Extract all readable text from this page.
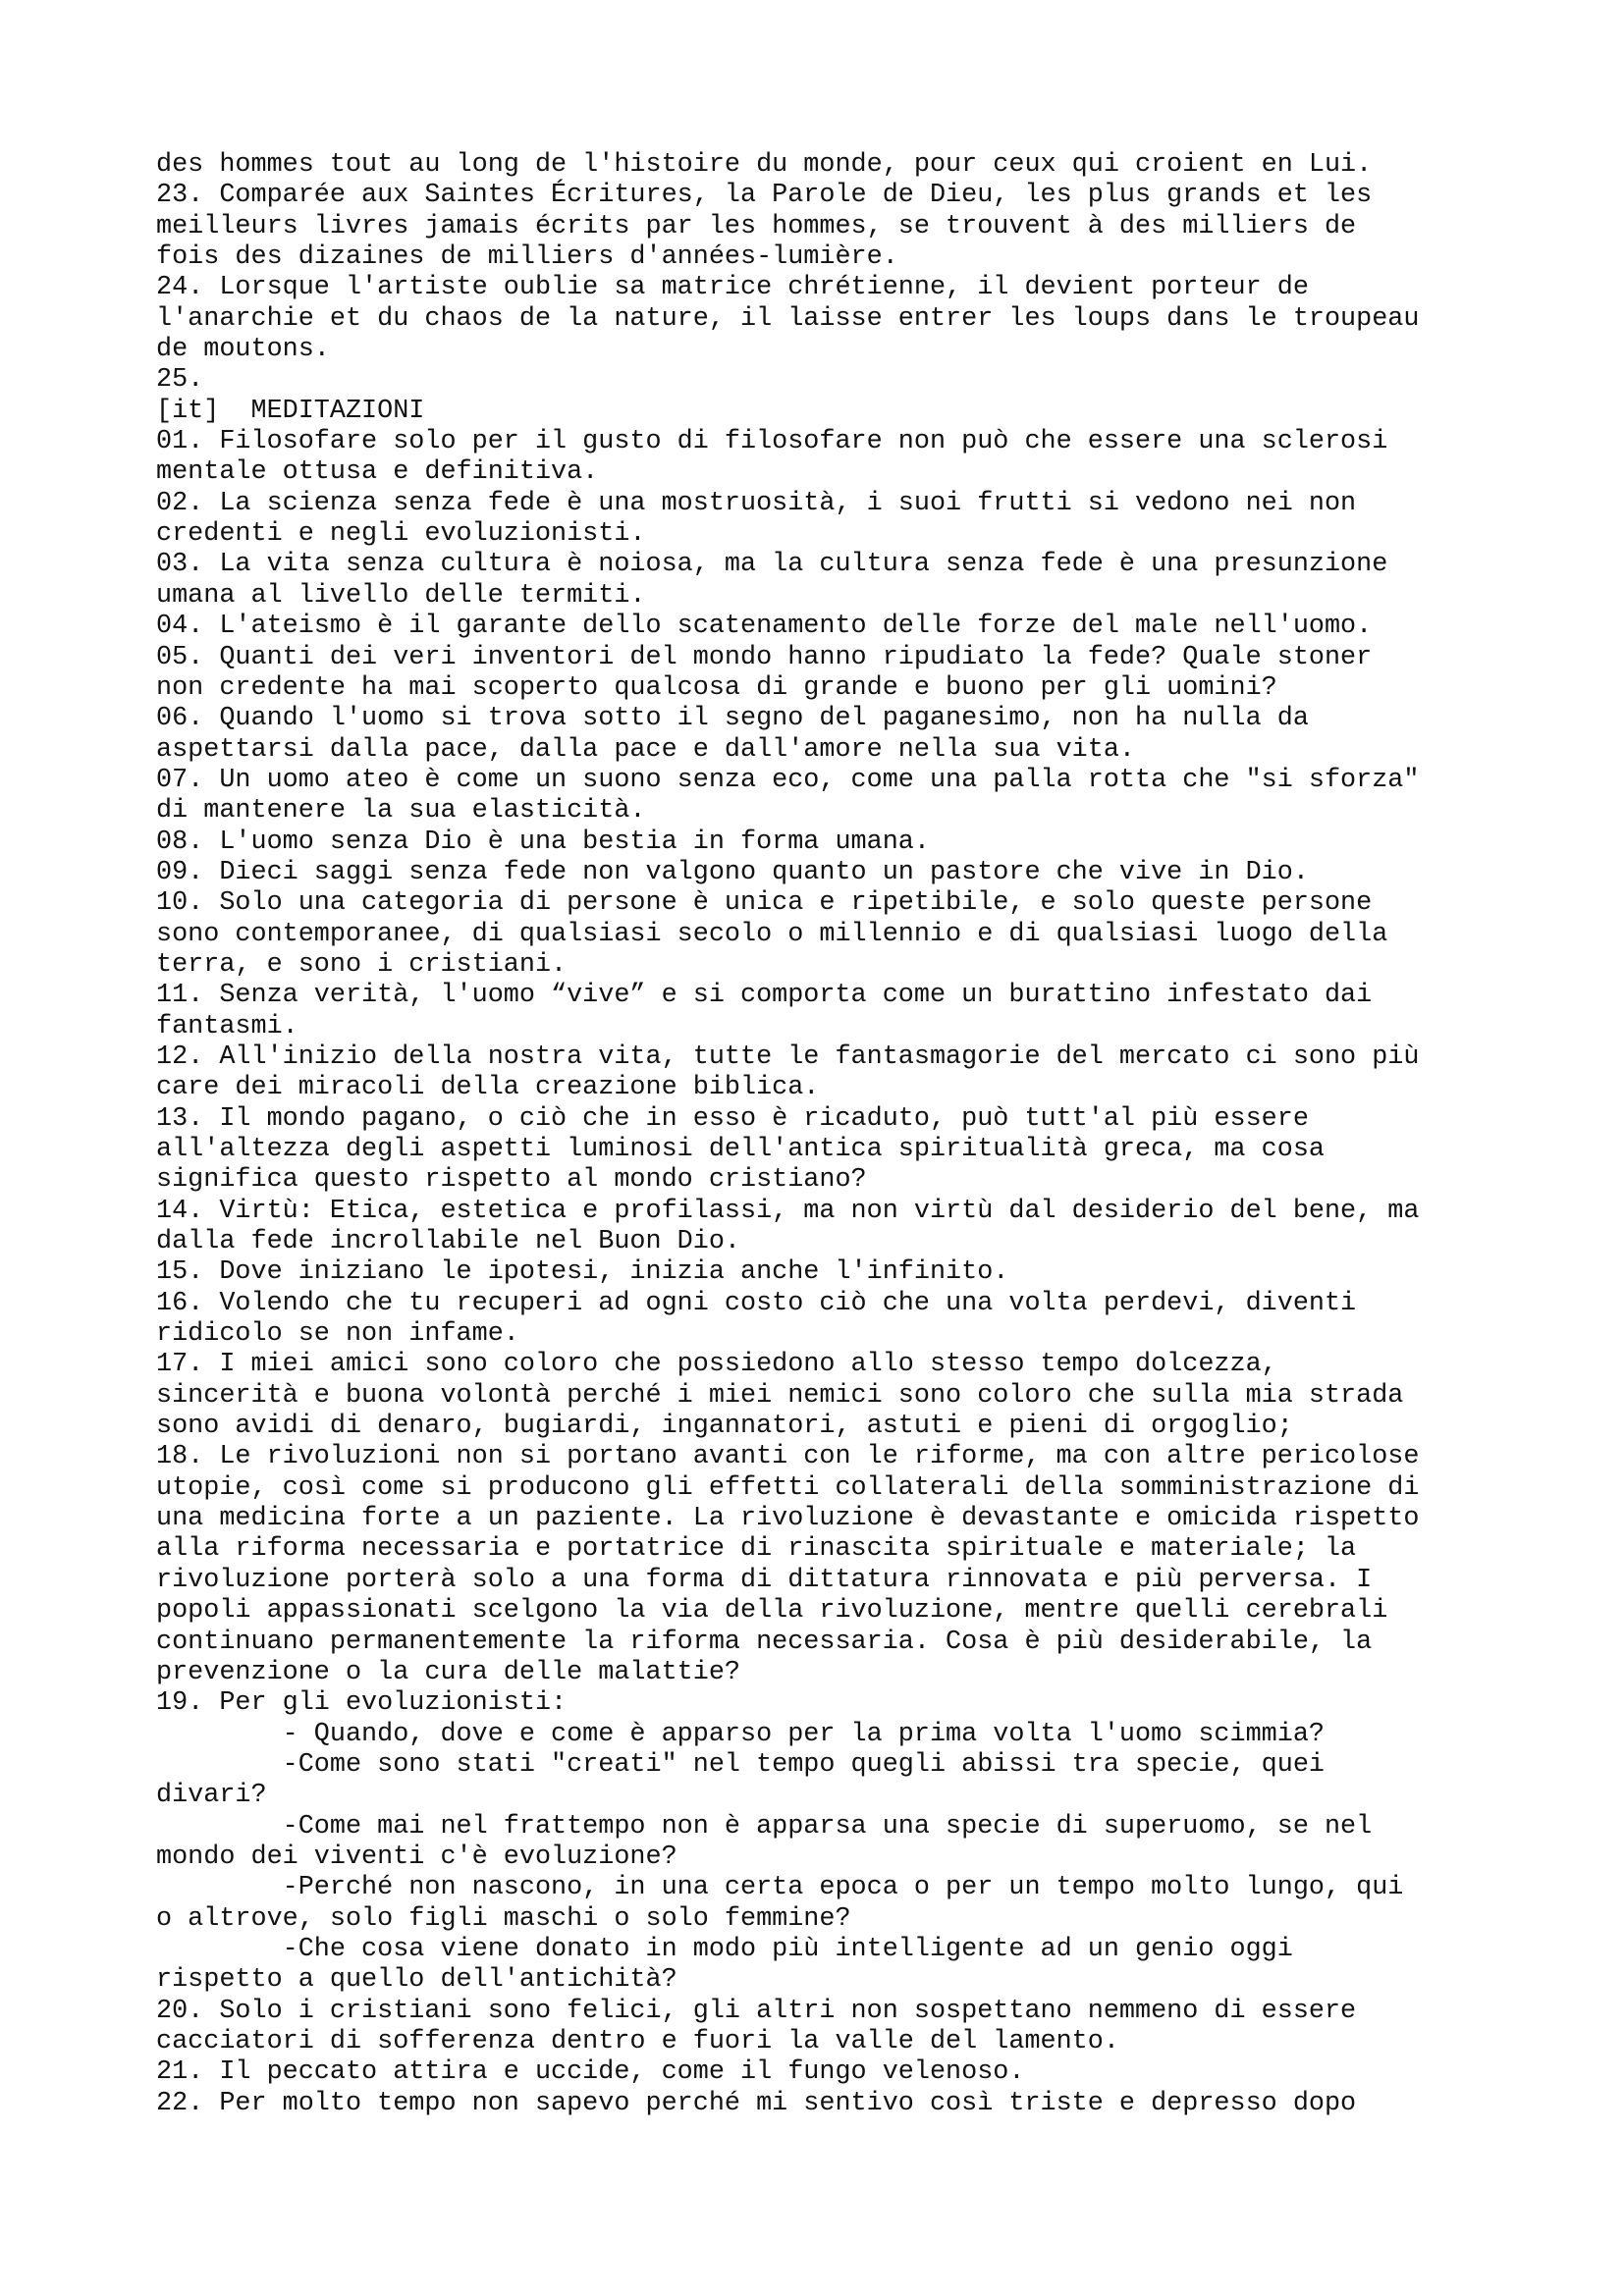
des hommes tout au long de l'histoire du monde, pour ceux qui croient en Lui.
23. Comparée aux Saintes Écritures, la Parole de Dieu, les plus grands et les
meilleurs livres jamais écrits par les hommes, se trouvent à des milliers de
fois des dizaines de milliers d'années-lumière.
24. Lorsque l'artiste oublie sa matrice chrétienne, il devient porteur de
l'anarchie et du chaos de la nature, il laisse entrer les loups dans le troupeau
de moutons.
25.
[it]  MEDITAZIONI
01. Filosofare solo per il gusto di filosofare non può che essere una sclerosi
mentale ottusa e definitiva.
02. La scienza senza fede è una mostruosità, i suoi frutti si vedono nei non
credenti e negli evoluzionisti.
03. La vita senza cultura è noiosa, ma la cultura senza fede è una presunzione
umana al livello delle termiti.
04. L'ateismo è il garante dello scatenamento delle forze del male nell'uomo.
05. Quanti dei veri inventori del mondo hanno ripudiato la fede? Quale stoner
non credente ha mai scoperto qualcosa di grande e buono per gli uomini?
06. Quando l'uomo si trova sotto il segno del paganesimo, non ha nulla da
aspettarsi dalla pace, dalla pace e dall'amore nella sua vita.
07. Un uomo ateo è come un suono senza eco, come una palla rotta che "si sforza"
di mantenere la sua elasticità.
08. L'uomo senza Dio è una bestia in forma umana.
09. Dieci saggi senza fede non valgono quanto un pastore che vive in Dio.
10. Solo una categoria di persone è unica e ripetibile, e solo queste persone
sono contemporanee, di qualsiasi secolo o millennio e di qualsiasi luogo della
terra, e sono i cristiani.
11. Senza verità, l'uomo “vive” e si comporta come un burattino infestato dai
fantasmi.
12. All'inizio della nostra vita, tutte le fantasmagorie del mercato ci sono più
care dei miracoli della creazione biblica.
13. Il mondo pagano, o ciò che in esso è ricaduto, può tutt'al più essere
all'altezza degli aspetti luminosi dell'antica spiritualità greca, ma cosa
significa questo rispetto al mondo cristiano?
14. Virtù: Etica, estetica e profilassi, ma non virtù dal desiderio del bene, ma
dalla fede incrollabile nel Buon Dio.
15. Dove iniziano le ipotesi, inizia anche l'infinito.
16. Volendo che tu recuperi ad ogni costo ciò che una volta perdevi, diventi
ridicolo se non infame.
17. I miei amici sono coloro che possiedono allo stesso tempo dolcezza,
sincerità e buona volontà perché i miei nemici sono coloro che sulla mia strada
sono avidi di denaro, bugiardi, ingannatori, astuti e pieni di orgoglio;
18. Le rivoluzioni non si portano avanti con le riforme, ma con altre pericolose
utopie, così come si producono gli effetti collaterali della somministrazione di
una medicina forte a un paziente. La rivoluzione è devastante e omicida rispetto
alla riforma necessaria e portatrice di rinascita spirituale e materiale; la
rivoluzione porterà solo a una forma di dittatura rinnovata e più perversa. I
popoli appassionati scelgono la via della rivoluzione, mentre quelli cerebrali
continuano permanentemente la riforma necessaria. Cosa è più desiderabile, la
prevenzione o la cura delle malattie?
19. Per gli evoluzionisti:
- Quando, dove e come è apparso per la prima volta l'uomo scimmia?
-Come sono stati "creati" nel tempo quegli abissi tra specie, quei
divari?
-Come mai nel frattempo non è apparsa una specie di superuomo, se nel
mondo dei viventi c'è evoluzione?
-Perché non nascono, in una certa epoca o per un tempo molto lungo, qui
o altrove, solo figli maschi o solo femmine?
-Che cosa viene donato in modo più intelligente ad un genio oggi
rispetto a quello dell'antichità?
20. Solo i cristiani sono felici, gli altri non sospettano nemmeno di essere
cacciatori di sofferenza dentro e fuori la valle del lamento.
21. Il peccato attira e uccide, come il fungo velenoso.
22. Per molto tempo non sapevo perché mi sentivo così triste e depresso dopo
